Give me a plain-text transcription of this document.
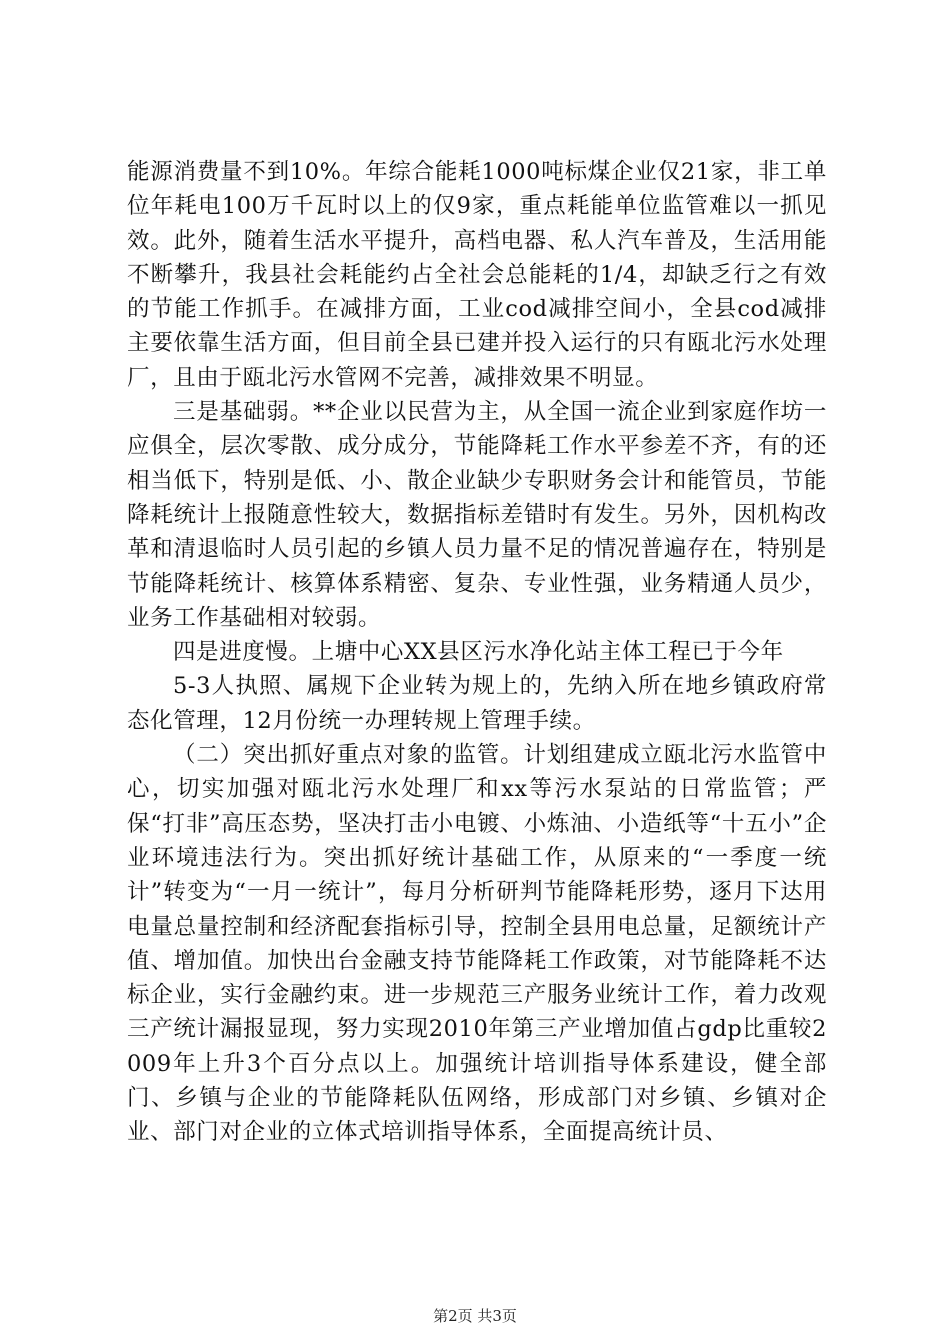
能源消费量不到10%。年综合能耗1000吨标煤企业仅21家，非工单位年耗电100万千瓦时以上的仅9家，重点耗能单位监管难以一抓见效。此外，随着生活水平提升，高档电器、私人汽车普及，生活用能不断攀升，我县社会耗能约占全社会总能耗的1/4，却缺乏行之有效的节能工作抓手。在减排方面，工业cod减排空间小，全县cod减排主要依靠生活方面，但目前全县已建并投入运行的只有瓯北污水处理厂，且由于瓯北污水管网不完善，减排效果不明显。

三是基础弱。**企业以民营为主，从全国一流企业到家庭作坊一应俱全，层次零散、成分成分，节能降耗工作水平参差不齐，有的还相当低下，特别是低、小、散企业缺少专职财务会计和能管员，节能降耗统计上报随意性较大，数据指标差错时有发生。另外，因机构改革和清退临时人员引起的乡镇人员力量不足的情况普遍存在，特别是节能降耗统计、核算体系精密、复杂、专业性强，业务精通人员少，业务工作基础相对较弱。

四是进度慢。上塘中心XX县区污水净化站主体工程已于今年

5-3人执照、属规下企业转为规上的，先纳入所在地乡镇政府常态化管理，12月份统一办理转规上管理手续。

（二）突出抓好重点对象的监管。计划组建成立瓯北污水监管中心，切实加强对瓯北污水处理厂和xx等污水泵站的日常监管；严保“打非”高压态势，坚决打击小电镀、小炼油、小造纸等“十五小”企业环境违法行为。突出抓好统计基础工作，从原来的“一季度一统计”转变为“一月一统计”，每月分析研判节能降耗形势，逐月下达用电量总量控制和经济配套指标引导，控制全县用电总量，足额统计产值、增加值。加快出台金融支持节能降耗工作政策，对节能降耗不达标企业，实行金融约束。进一步规范三产服务业统计工作，着力改观三产统计漏报显现，努力实现2010年第三产业增加值占gdp比重较2009年上升3个百分点以上。加强统计培训指导体系建设，健全部门、乡镇与企业的节能降耗队伍网络，形成部门对乡镇、乡镇对企业、部门对企业的立体式培训指导体系，全面提高统计员、

第2页 共3页
